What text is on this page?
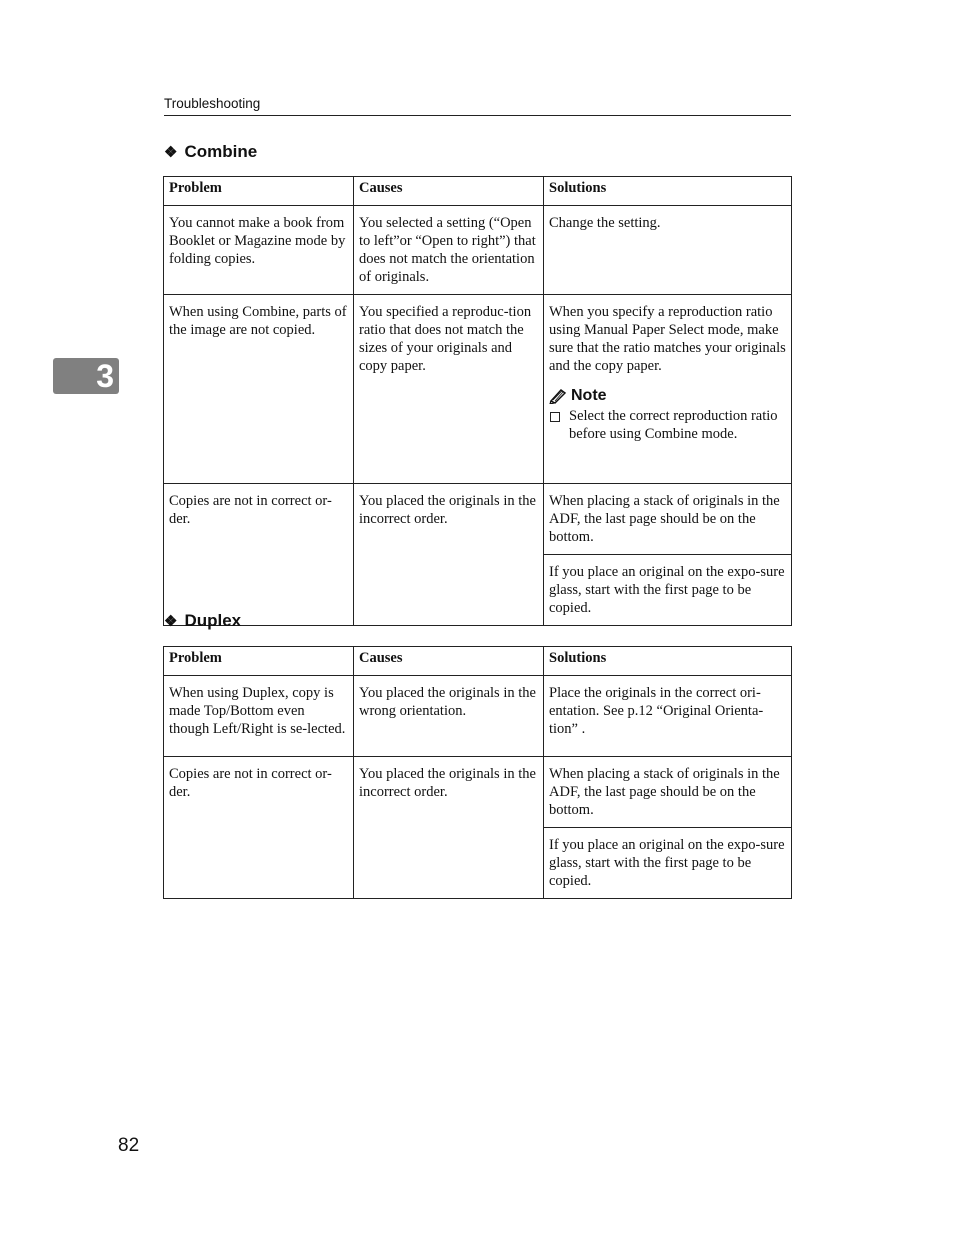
Troubleshooting
3
❖ Combine
Problem	Causes	Solutions
You cannot make a book from Booklet or Magazine mode by folding copies.	You selected a setting (“Open to left”or “Open to right”) that does not match the orientation of originals.	Change the setting.
When using Combine, parts of the image are not copied.	You specified a reproduc-tion ratio that does not match the sizes of your originals and copy paper.	When you specify a reproduction ratio using Manual Paper Select mode, make sure that the ratio matches your originals and the copy paper.
Note
Select the correct reproduction ratio before using Combine mode.

Copies are not in correct or-der.	You placed the originals in the incorrect order.	When placing a stack of originals in the ADF, the last page should be on the bottom.
		If you place an original on the expo-sure glass, start with the first page to be copied.
❖ Duplex
Problem	Causes	Solutions
When using Duplex, copy is made Top/Bottom even though Left/Right is se-lected.	You placed the originals in the wrong orientation.	Place the originals in the correct ori-entation. See p.12 “Original Orienta-tion” .
Copies are not in correct or-der.	You placed the originals in the incorrect order.	When placing a stack of originals in the ADF, the last page should be on the bottom.
		If you place an original on the expo-sure glass, start with the first page to be copied.
82
